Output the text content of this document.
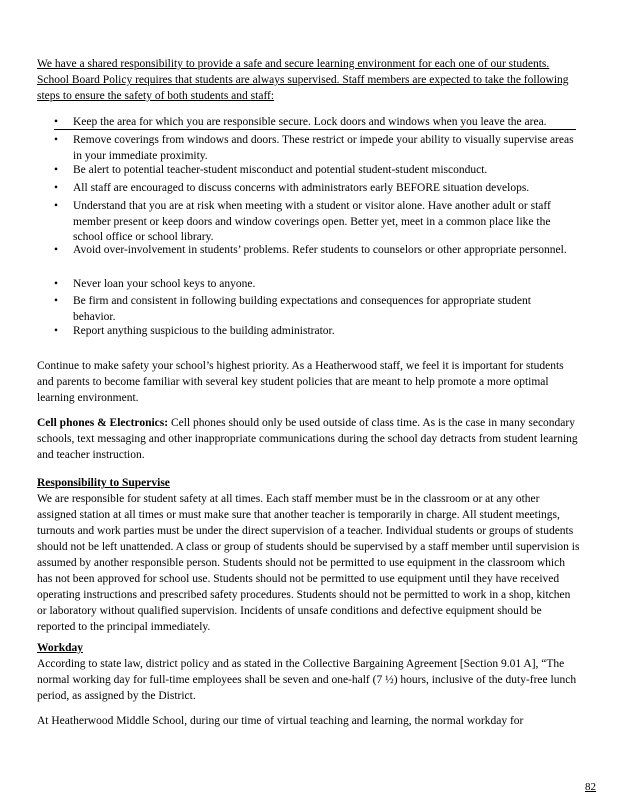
We have a shared responsibility to provide a safe and secure learning environment for each one of our students. School Board Policy requires that students are always supervised. Staff members are expected to take the following steps to ensure the safety of both students and staff:
•	Keep the area for which you are responsible secure. Lock doors and windows when you leave the area.
•	Remove coverings from windows and doors. These restrict or impede your ability to visually supervise areas in your immediate proximity.
•	Be alert to potential teacher-student misconduct and potential student-student misconduct.
•	All staff are encouraged to discuss concerns with administrators early BEFORE situation develops.
•	Understand that you are at risk when meeting with a student or visitor alone. Have another adult or staff member present or keep doors and window coverings open. Better yet, meet in a common place like the school office or school library.
•	Avoid over-involvement in students’ problems. Refer students to counselors or other appropriate personnel.
•	Never loan your school keys to anyone.
•	Be firm and consistent in following building expectations and consequences for appropriate student behavior.
•	Report anything suspicious to the building administrator.
Continue to make safety your school’s highest priority. As a Heatherwood staff, we feel it is important for students and parents to become familiar with several key student policies that are meant to help promote a more optimal learning environment.
Cell phones & Electronics: Cell phones should only be used outside of class time. As is the case in many secondary schools, text messaging and other inappropriate communications during the school day detracts from student learning and teacher instruction.
Responsibility to Supervise
We are responsible for student safety at all times. Each staff member must be in the classroom or at any other assigned station at all times or must make sure that another teacher is temporarily in charge. All student meetings, turnouts and work parties must be under the direct supervision of a teacher. Individual students or groups of students should not be left unattended. A class or group of students should be supervised by a staff member until supervision is assumed by another responsible person. Students should not be permitted to use equipment in the classroom which has not been approved for school use. Students should not be permitted to use equipment until they have received operating instructions and prescribed safety procedures. Students should not be permitted to work in a shop, kitchen or laboratory without qualified supervision. Incidents of unsafe conditions and defective equipment should be reported to the principal immediately.
Workday
According to state law, district policy and as stated in the Collective Bargaining Agreement [Section 9.01 A], “The normal working day for full-time employees shall be seven and one-half (7 ½) hours, inclusive of the duty-free lunch period, as assigned by the District.
At Heatherwood Middle School, during our time of virtual teaching and learning, the normal workday for
82
